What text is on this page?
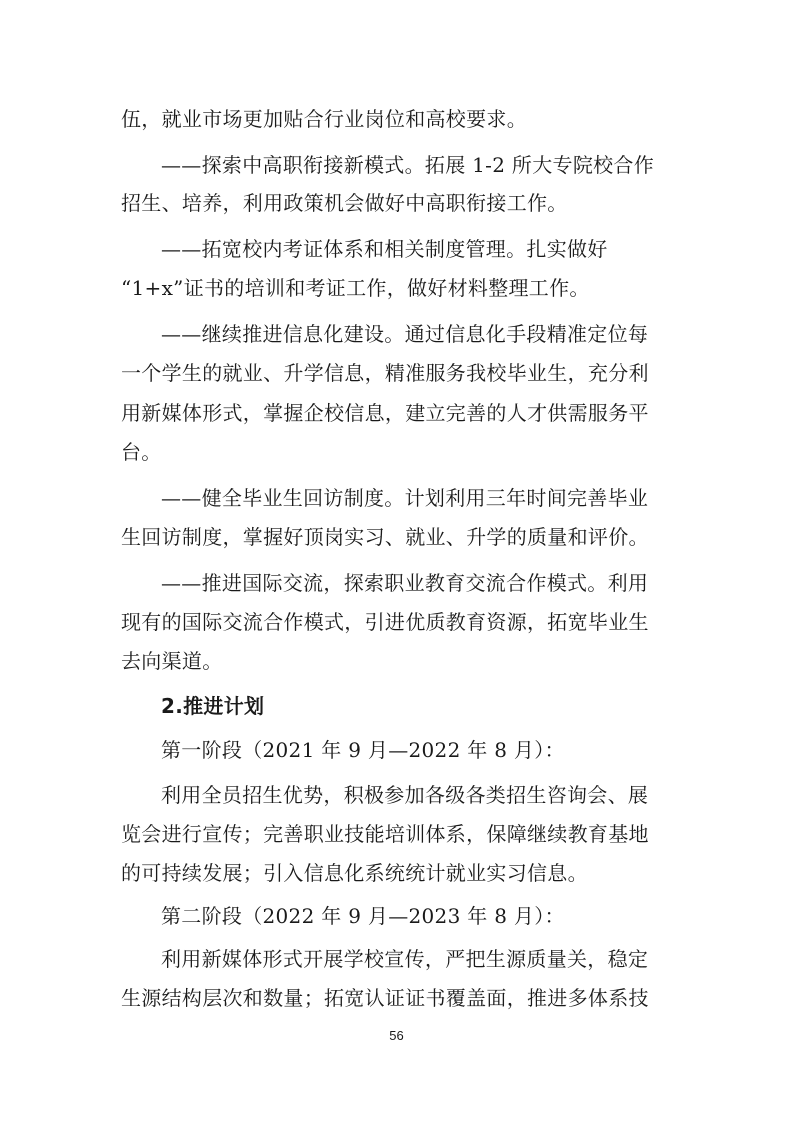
伍，就业市场更加贴合行业岗位和高校要求。
——探索中高职衔接新模式。拓展 1-2 所大专院校合作
招生、培养，利用政策机会做好中高职衔接工作。
——拓宽校内考证体系和相关制度管理。扎实做好
“1+x”证书的培训和考证工作，做好材料整理工作。
——继续推进信息化建设。通过信息化手段精准定位每
一个学生的就业、升学信息，精准服务我校毕业生，充分利
用新媒体形式，掌握企校信息，建立完善的人才供需服务平
台。
——健全毕业生回访制度。计划利用三年时间完善毕业
生回访制度，掌握好顶岗实习、就业、升学的质量和评价。
——推进国际交流，探索职业教育交流合作模式。利用
现有的国际交流合作模式，引进优质教育资源，拓宽毕业生
去向渠道。
2.推进计划
第一阶段（2021 年 9 月—2022 年 8 月）：
利用全员招生优势，积极参加各级各类招生咨询会、展
览会进行宣传；完善职业技能培训体系，保障继续教育基地
的可持续发展；引入信息化系统统计就业实习信息。
第二阶段（2022 年 9 月—2023 年 8 月）：
利用新媒体形式开展学校宣传，严把生源质量关，稳定
生源结构层次和数量；拓宽认证证书覆盖面，推进多体系技
56
